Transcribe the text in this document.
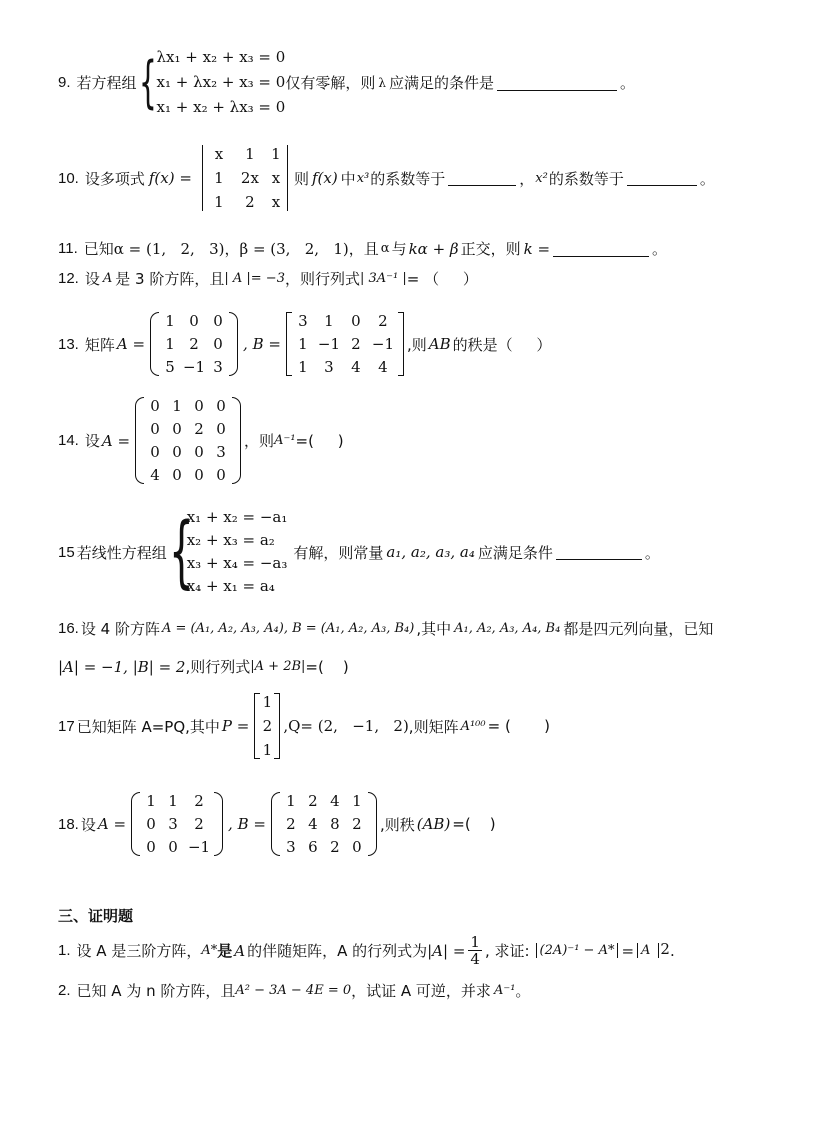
9. 若方程组 { λx₁ + x₂ + x₃ = 0
x₁ + λx₂ + x₃ = 0
x₁ + x₂ + λx₃ = 0
仅有零解，则 λ 应满足的条件是	。
10. 设多项式 f(x) =
x	1	1
1	2x x
1	2	x
则 f(x) 中 x³ 的系数等于	， x² 的系数等于	。
11. 已知 α = (1,   2,   3) ， β = (3,   2,   1) ，且 α 与 kα + β 正交，则 k =	。
12. 设 A 是 3 阶方阵，且 | A |= −3 ，则行列式 | 3A⁻¹ | = （     ）
13. 矩阵 A =
1 0 0
1 2 0
5 −1 3
, B =
3	1	0	2
1 −1 2 −1
1	3	4	4
,则 AB 的秩是（     ）
14. 设 A =
0 1 0 0
0 0 2 0
0 0 0 3
4 0 0 0
，则 A⁻¹ =(     )
15 若线性方程组 {
x₁ + x₂ = −a₁
x₂ + x₃ = a₂
x₃ + x₄ = −a₃
x₄ + x₁ = a₄
有解，则常量 a₁, a₂, a₃, a₄ 应满足条件	。
16. 设 4 阶方阵 A = (A₁, A₂, A₃, A₄), B = (A₁, A₂, A₃, B₄) ,其中 A₁, A₂, A₃, A₄, B₄ 都是四元列向量，已知
|A| = −1, |B| = 2 ,则行列式 |A + 2B| =(    )
17 已知矩阵 A=PQ,其中 P =
1
2
1
,Q= (2,   −1,   2) ,则矩阵 A¹⁰⁰ = (       )
18. 设 A =
1 1	2
0 3	2
0 0 −1
, B =
1 2 4 1
2 4 8 2
3 6 2 0
,则秩 (AB) =(    )
三、证明题
1. 设 A 是三阶方阵， A* 是 A 的伴随矩阵，A 的行列式为 $|A| = \frac{1}{4}$ , 求证: (2A)⁻¹ − A* = A $^2$ .
2. 已知 A 为 n 阶方阵，且 A² − 3A − 4E = 0 ，试证 A 可逆，并求 A⁻¹ 。
